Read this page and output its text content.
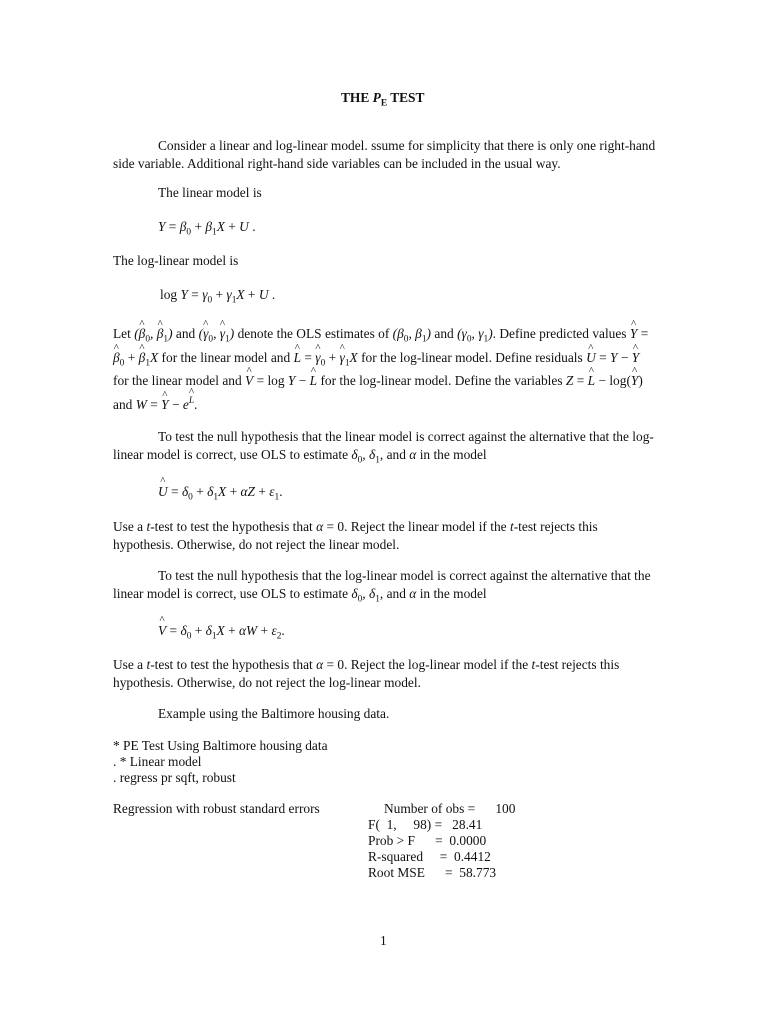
THE $P_E$ TEST
Consider a linear and log-linear model. ssume for simplicity that there is only one right-hand side variable. Additional right-hand side variables can be included in the usual way.
The linear model is
$Y = \beta_0 + \beta_1X + U$ .
The log-linear model is
$\log Y = \gamma_0 + \gamma_1X + U$ .
Let (β $\^{}_0$, β $\^{}_1$) and (γ $\^{}_0$, γ $\^{}_1$) denote the OLS estimates of ($\beta_0$, $\beta_1$) and ($\gamma_0$, $\gamma_1$). Define predicted values Y ^ = β $\^{}_0 + \beta$ $\^{}_1X$ for the linear model and L ^ = γ $\^{}_0 + \gamma$ $\^{}_1X$ for the log-linear model. Define residuals U ^ = Y − Y ^ for the linear model and V ^ = log Y − L ^ for the log-linear model. Define the variables Z = L ^ − log(Y ^) and W = Y ^ − $e^L$.
To test the null hypothesis that the linear model is correct against the alternative that the log-linear model is correct, use OLS to estimate $\delta_0$, $\delta_1$, and α in the model
U ^ = $\delta_0 + \delta_1X + \alpha Z + \varepsilon_1$.
Use a t-test to test the hypothesis that α = 0. Reject the linear model if the t-test rejects this hypothesis. Otherwise, do not reject the linear model.
To test the null hypothesis that the log-linear model is correct against the alternative that the linear model is correct, use OLS to estimate $\delta_0$, $\delta_1$, and α in the model
V ^ = $\delta_0 + \delta_1X + \alpha W + \varepsilon_2$.
Use a t-test to test the hypothesis that α = 0. Reject the log-linear model if the t-test rejects this hypothesis. Otherwise, do not reject the log-linear model.
Example using the Baltimore housing data.
* PE Test Using Baltimore housing data
. * Linear model
. regress pr sqft, robust
Regression with robust standard errors	Number of obs =      100
F(  1,     98) =   28.41
Prob > F      =  0.0000
R-squared     =  0.4412
Root MSE      =  58.773
1
